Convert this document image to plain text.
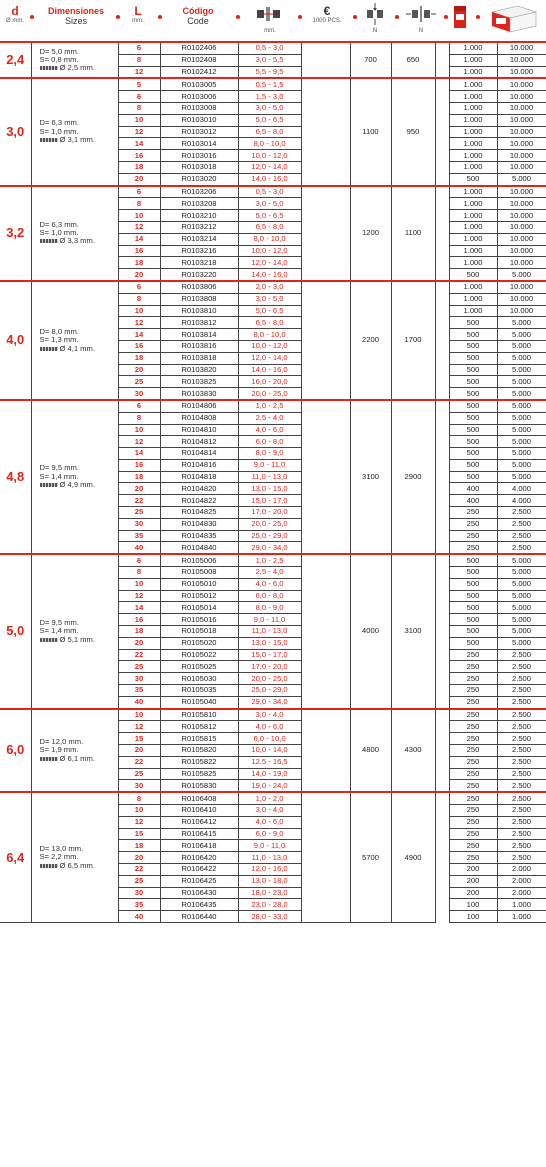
d
Ø mm.
Dimensiones
Sizes
L
mm.
Código
Code
mm.
€
1000 PCS.
N	N
2,4	D= 5,0 mm.
S= 0,8 mm.
Ø 2,5 mm.	6	R0102406	0,5 - 3,0		700	650		1.000	10.000
		8	R0102408	3,0 - 5,5					1.000	10.000
		12	R0102412	5,5 - 9,5					1.000	10.000
3,0	D= 6,3 mm.
S= 1,0 mm.
Ø 3,1 mm.	5	R0103005	0,5 - 1,5		1100	950		1.000	10.000
		6	R0103006	1,5 - 3,0					1.000	10.000
		8	R0103008	3,0 - 5,0					1.000	10.000
		10	R0103010	5,0 - 6,5					1.000	10.000
		12	R0103012	6,5 - 8,0					1.000	10.000
		14	R0103014	8,0 - 10,0					1.000	10.000
		16	R0103016	10,0 - 12,0					1.000	10.000
		18	R0103018	12,0 - 14,0					1.000	10.000
		20	R0103020	14,0 - 16,0					500	5.000
3,2	D= 6,3 mm.
S= 1,0 mm.
Ø 3,3 mm.	6	R0103206	0,5 - 3,0		1200	1100		1.000	10.000
		8	R0103208	3,0 - 5,0					1.000	10.000
		10	R0103210	5,0 - 6,5					1.000	10.000
		12	R0103212	6,5 - 8,0					1.000	10.000
		14	R0103214	8,0 - 10,0					1.000	10.000
		16	R0103216	10,0 - 12,0					1.000	10.000
		18	R0103218	12,0 - 14,0					1.000	10.000
		20	R0103220	14,0 - 16,0					500	5.000
4,0	D= 8,0 mm.
S= 1,3 mm.
Ø 4,1 mm.	6	R0103806	2,0 - 3,0		2200	1700		1.000	10.000
		8	R0103808	3,0 - 5,0					1.000	10.000
		10	R0103810	5,0 - 6,5					1.000	10.000
		12	R0103812	6,5 - 8,0					500	5.000
		14	R0103814	8,0 - 10,0					500	5.000
		16	R0103816	10,0 - 12,0					500	5.000
		18	R0103818	12,0 - 14,0					500	5.000
		20	R0103820	14,0 - 16,0					500	5.000
		25	R0103825	16,0 - 20,0					500	5.000
		30	R0103830	20,0 - 25,0					500	5.000
4,8	D= 9,5 mm.
S= 1,4 mm.
Ø 4,9 mm.	6	R0104806	1,0 - 2,5		3100	2900		500	5.000
		8	R0104808	2,5 - 4,0					500	5.000
		10	R0104810	4,0 - 6,0					500	5.000
		12	R0104812	6,0 - 8,0					500	5.000
		14	R0104814	8,0 - 9,0					500	5.000
		16	R0104816	9,0 - 11,0					500	5.000
		18	R0104818	11,0 - 13,0					500	5.000
		20	R0104820	13,0 - 15,0					400	4.000
		22	R0104822	15,0 - 17,0					400	4.000
		25	R0104825	17,0 - 20,0					250	2.500
		30	R0104830	20,0 - 25,0					250	2.500
		35	R0104835	25,0 - 29,0					250	2.500
		40	R0104840	29,0 - 34,0					250	2.500
5,0	D= 9,5 mm.
S= 1,4 mm.
Ø 5,1 mm.	6	R0105006	1,0 - 2,5		4000	3100		500	5.000
		8	R0105008	2,5 - 4,0					500	5.000
		10	R0105010	4,0 - 6,0					500	5.000
		12	R0105012	6,0 - 8,0					500	5.000
		14	R0105014	8,0 - 9,0					500	5.000
		16	R0105016	9,0 - 11,0					500	5.000
		18	R0105018	11,0 - 13,0					500	5.000
		20	R0105020	13,0 - 15,0					500	5.000
		22	R0105022	15,0 - 17,0					250	2.500
		25	R0105025	17,0 - 20,0					250	2.500
		30	R0105030	20,0 - 25,0					250	2.500
		35	R0105035	25,0 - 29,0					250	2.500
		40	R0105040	29,0 - 34,0					250	2.500
6,0	D= 12,0 mm.
S= 1,9 mm.
Ø 6,1 mm.	10	R0105810	3,0 - 4,0		4800	4300		250	2.500
		12	R0105812	4,0 - 6,0					250	2.500
		15	R0105815	6,0 - 10,0					250	2.500
		20	R0105820	10,0 - 14,0					250	2.500
		22	R0105822	12,5 - 16,5					250	2.500
		25	R0105825	14,0 - 19,0					250	2.500
		30	R0105830	19,0 - 24,0					250	2.500
6,4	D= 13,0 mm.
S= 2,2 mm.
Ø 6,5 mm.	8	R0106408	1,0 - 2,0		5700	4900		250	2.500
		10	R0106410	3,0 - 4,0					250	2.500
		12	R0106412	4,0 - 6,0					250	2.500
		15	R0106415	6,0 - 9,0					250	2.500
		18	R0106418	9,0 - 11,0					250	2.500
		20	R0106420	11,0 - 13,0					250	2.500
		22	R0106422	12,0 - 16,0					200	2.000
		25	R0106425	13,0 - 18,0					200	2.000
		30	R0106430	18,0 - 23,0					200	2.000
		35	R0106435	23,0 - 28,0					100	1.000
		40	R0106440	28,0 - 33,0					100	1.000
